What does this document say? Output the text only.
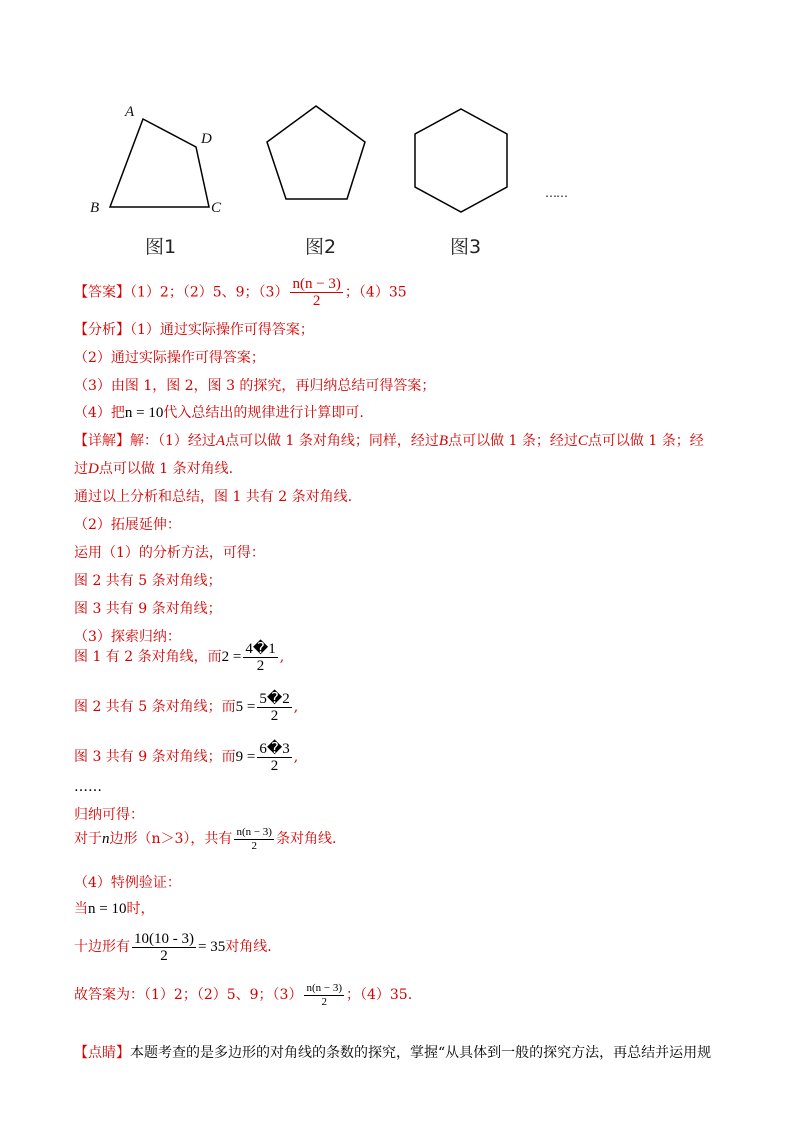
A
D
B	C
……
图1	图2	图3
【答案】（1）2；（2）5、9；$(3) \frac{n(n - 3)}{2}$ ；（4）35
【分析】（1）通过实际操作可得答案；
（2）通过实际操作可得答案；
（3）由图 1，图 2，图 3 的探究，再归纳总结可得答案；
（4）把n = 10代入总结出的规律进行计算即可.
【详解】解：（1）经过A点可以做 1 条对角线；同样，经过B点可以做 1 条；经过C点可以做 1 条；经
过D点可以做 1 条对角线.
通过以上分析和总结，图 1 共有 2 条对角线.
（2）拓展延伸：
运用（1）的分析方法，可得：
图 2 共有 5 条对角线；
图 3 共有 9 条对角线；
（3）探索归纳：
图 1 有 2 条对角线，而$2 = \frac{4�1}{2}$ ,
图 2 共有 5 条对角线；而$5 = \frac{5�2}{2}$ ,
图 3 共有 9 条对角线；而$9 = \frac{6�3}{2}$ ,
……
归纳可得：
对于n边形（n＞3），共有 $\frac{n(n - 3)}{2}$ 条对角线.
（4）特例验证：
当n = 10时，
十边形有 $\frac{10(10 - 3)}{2} = 35$对角线.
故答案为：（1）2；（2）5、9；$(3) \frac{n(n - 3)}{2}$ ；（4）35.
【点睛】本题考查的是多边形的对角线的条数的探究，掌握“从具体到一般的探究方法，再总结并运用规
